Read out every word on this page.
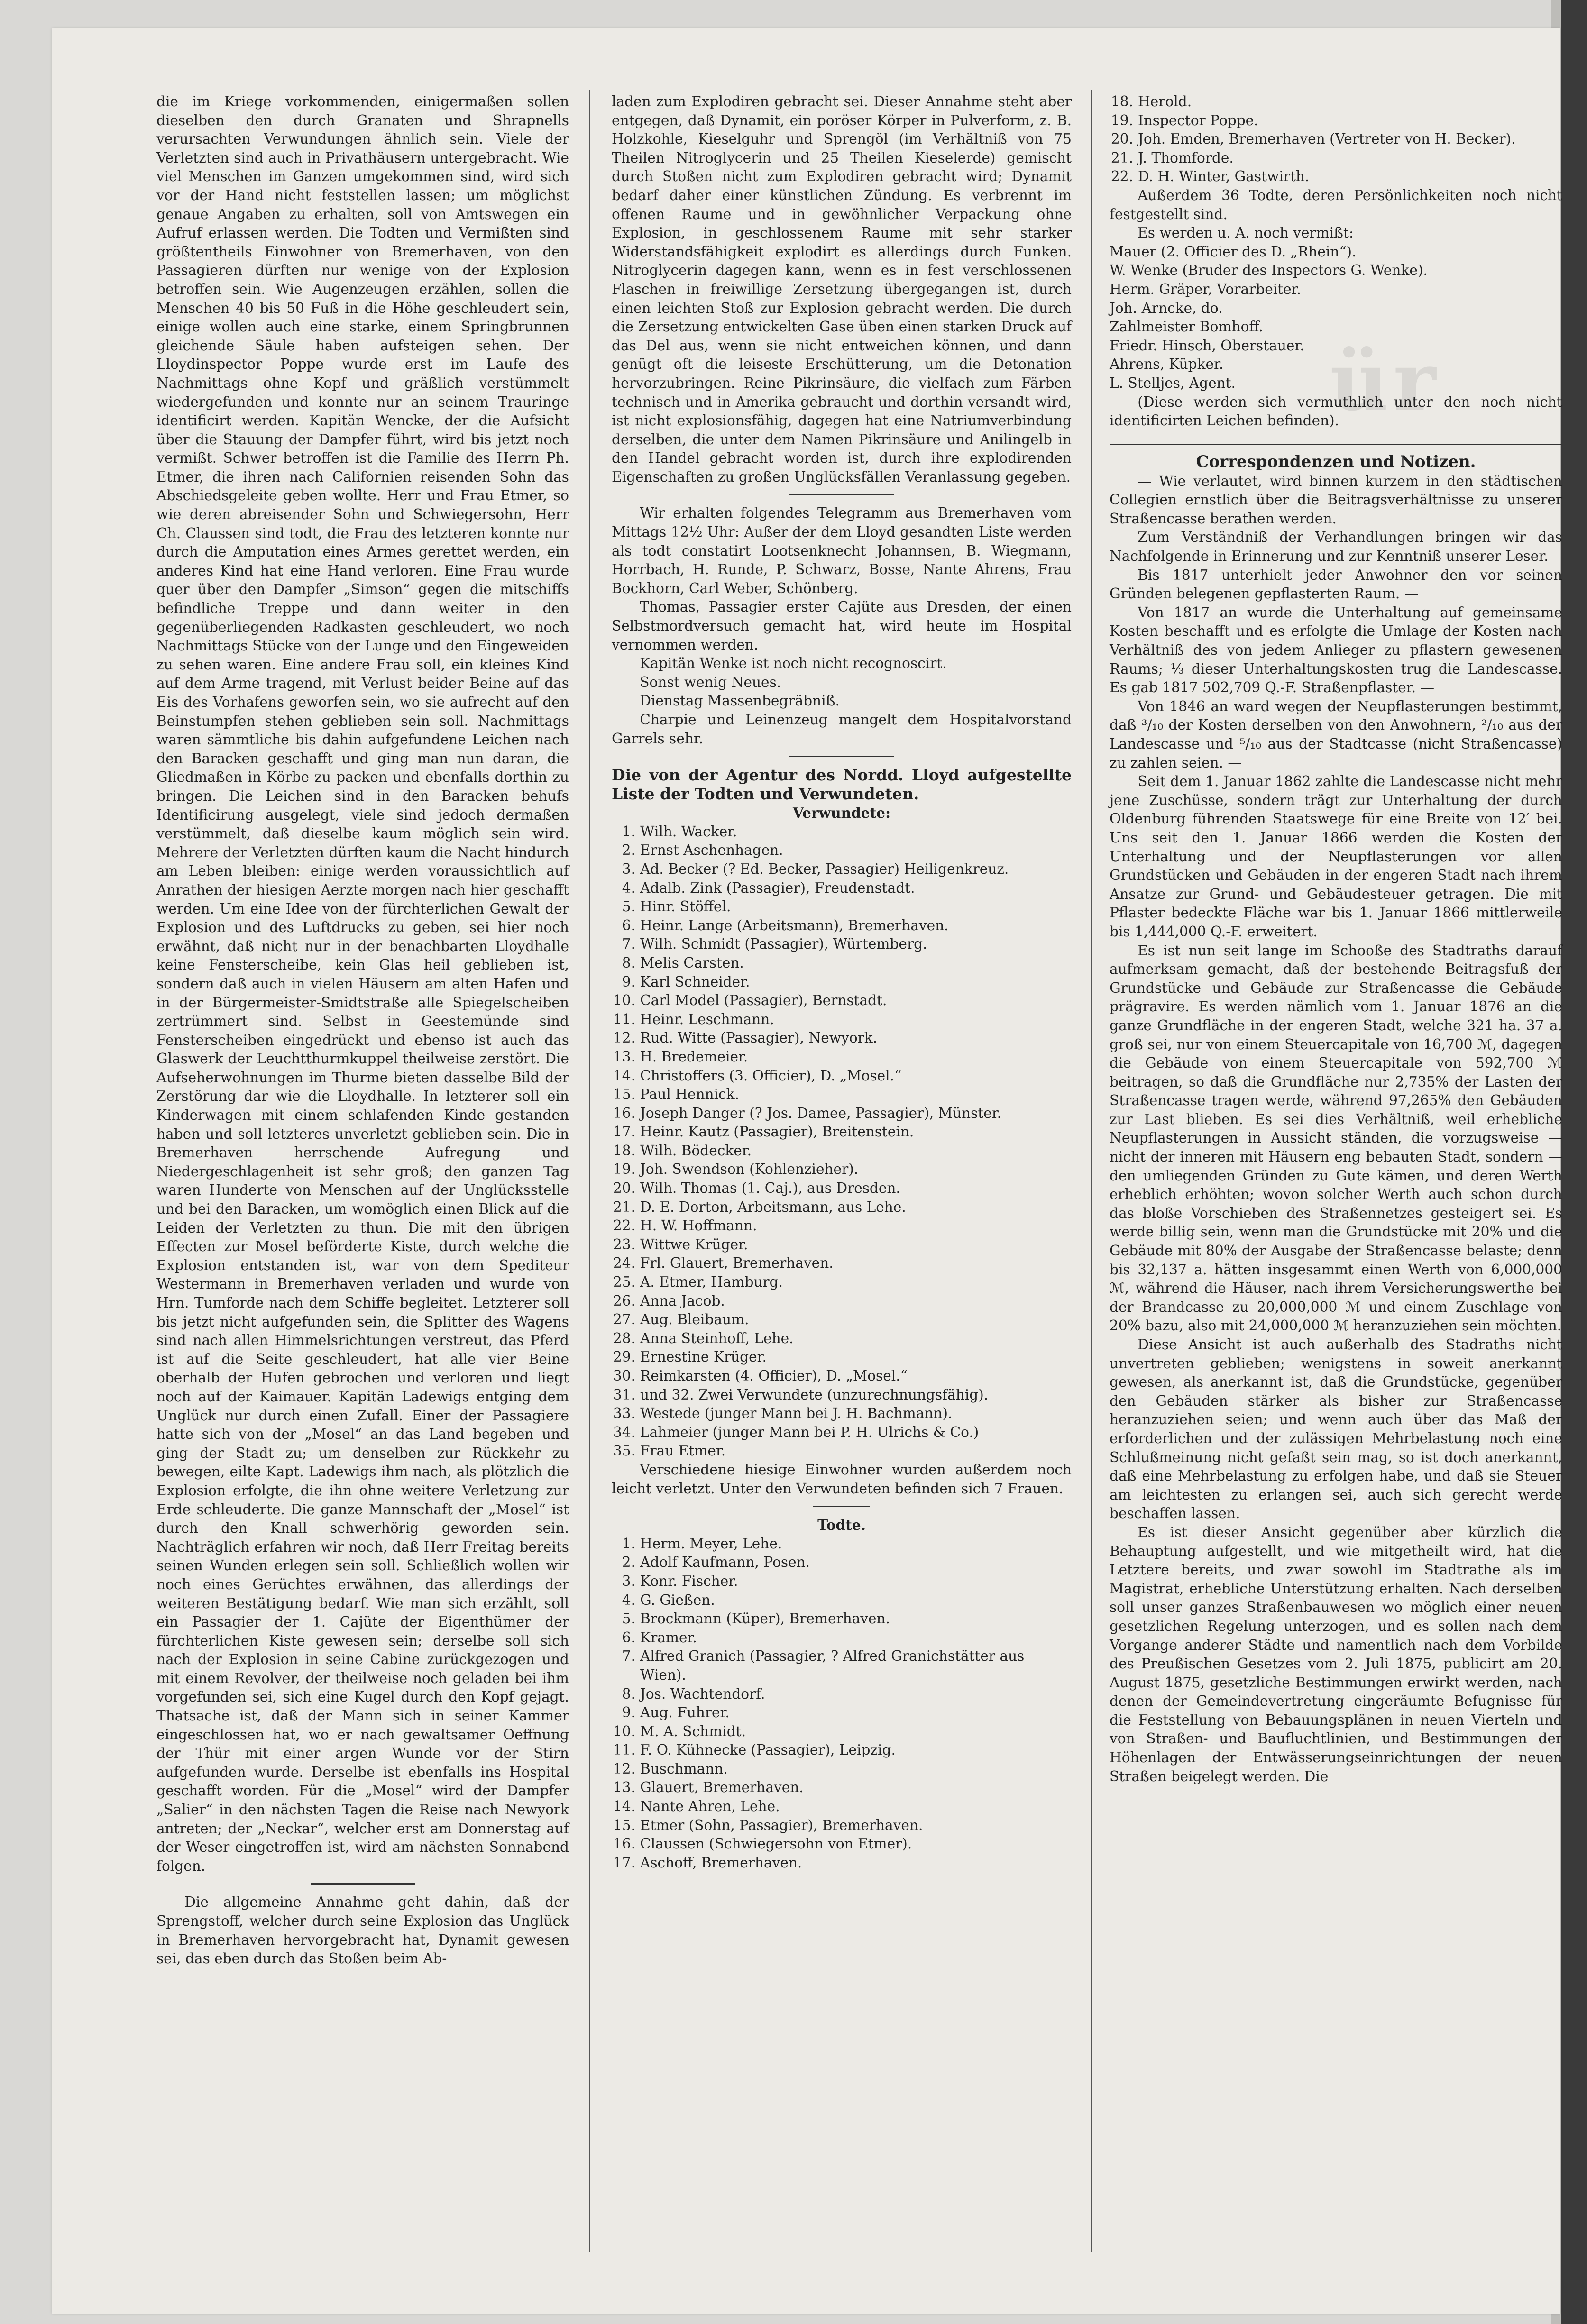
ür

die im Kriege vorkommenden, einigermaßen sollen dieselben den durch Granaten und Shrapnells verursachten Verwundungen ähnlich sein. Viele der Verletzten sind auch in Privathäusern untergebracht. Wie viel Menschen im Ganzen umgekommen sind, wird sich vor der Hand nicht feststellen lassen; um möglichst genaue Angaben zu erhalten, soll von Amtswegen ein Aufruf erlassen werden. Die Todten und Vermißten sind größtentheils Einwohner von Bremerhaven, von den Passagieren dürften nur wenige von der Explosion betroffen sein. Wie Augenzeugen erzählen, sollen die Menschen 40 bis 50 Fuß in die Höhe geschleudert sein, einige wollen auch eine starke, einem Springbrunnen gleichende Säule haben aufsteigen sehen. Der Lloydinspector Poppe wurde erst im Laufe des Nachmittags ohne Kopf und gräßlich verstümmelt wiedergefunden und konnte nur an seinem Trauringe identificirt werden. Kapitän Wencke, der die Aufsicht über die Stauung der Dampfer führt, wird bis jetzt noch vermißt. Schwer betroffen ist die Familie des Herrn Ph. Etmer, die ihren nach Californien reisenden Sohn das Abschiedsgeleite geben wollte. Herr und Frau Etmer, so wie deren abreisender Sohn und Schwiegersohn, Herr Ch. Claussen sind todt, die Frau des letzteren konnte nur durch die Amputation eines Armes gerettet werden, ein anderes Kind hat eine Hand verloren. Eine Frau wurde quer über den Dampfer „Simson“ gegen die mitschiffs befindliche Treppe und dann weiter in den gegenüberliegenden Radkasten geschleudert, wo noch Nachmittags Stücke von der Lunge und den Eingeweiden zu sehen waren. Eine andere Frau soll, ein kleines Kind auf dem Arme tragend, mit Verlust beider Beine auf das Eis des Vorhafens geworfen sein, wo sie aufrecht auf den Beinstumpfen stehen geblieben sein soll. Nachmittags waren sämmtliche bis dahin aufgefundene Leichen nach den Baracken geschafft und ging man nun daran, die Gliedmaßen in Körbe zu packen und ebenfalls dorthin zu bringen. Die Leichen sind in den Baracken behufs Identificirung ausgelegt, viele sind jedoch dermaßen verstümmelt, daß dieselbe kaum möglich sein wird. Mehrere der Verletzten dürften kaum die Nacht hindurch am Leben bleiben: einige werden voraussichtlich auf Anrathen der hiesigen Aerzte morgen nach hier geschafft werden. Um eine Idee von der fürchterlichen Gewalt der Explosion und des Luftdrucks zu geben, sei hier noch erwähnt, daß nicht nur in der benachbarten Lloydhalle keine Fensterscheibe, kein Glas heil geblieben ist, sondern daß auch in vielen Häusern am alten Hafen und in der Bürgermeister-Smidtstraße alle Spiegelscheiben zertrümmert sind. Selbst in Geestemünde sind Fensterscheiben eingedrückt und ebenso ist auch das Glaswerk der Leuchtthurmkuppel theilweise zerstört. Die Aufseherwohnungen im Thurme bieten dasselbe Bild der Zerstörung dar wie die Lloydhalle. In letzterer soll ein Kinderwagen mit einem schlafenden Kinde gestanden haben und soll letzteres unverletzt geblieben sein. Die in Bremerhaven herrschende Aufregung und Niedergeschlagenheit ist sehr groß; den ganzen Tag waren Hunderte von Menschen auf der Unglücksstelle und bei den Baracken, um womöglich einen Blick auf die Leiden der Verletzten zu thun. Die mit den übrigen Effecten zur Mosel beförderte Kiste, durch welche die Explosion entstanden ist, war von dem Spediteur Westermann in Bremerhaven verladen und wurde von Hrn. Tumforde nach dem Schiffe begleitet. Letzterer soll bis jetzt nicht aufgefunden sein, die Splitter des Wagens sind nach allen Himmelsrichtungen verstreut, das Pferd ist auf die Seite geschleudert, hat alle vier Beine oberhalb der Hufen gebrochen und verloren und liegt noch auf der Kaimauer. Kapitän Ladewigs entging dem Unglück nur durch einen Zufall. Einer der Passagiere hatte sich von der „Mosel“ an das Land begeben und ging der Stadt zu; um denselben zur Rückkehr zu bewegen, eilte Kapt. Ladewigs ihm nach, als plötzlich die Explosion erfolgte, die ihn ohne weitere Verletzung zur Erde schleuderte. Die ganze Mannschaft der „Mosel“ ist durch den Knall schwerhörig geworden sein. Nachträglich erfahren wir noch, daß Herr Freitag bereits seinen Wunden erlegen sein soll. Schließlich wollen wir noch eines Gerüchtes erwähnen, das allerdings der weiteren Bestätigung bedarf. Wie man sich erzählt, soll ein Passagier der 1. Cajüte der Eigenthümer der fürchterlichen Kiste gewesen sein; derselbe soll sich nach der Explosion in seine Cabine zurückgezogen und mit einem Revolver, der theilweise noch geladen bei ihm vorgefunden sei, sich eine Kugel durch den Kopf gejagt. Thatsache ist, daß der Mann sich in seiner Kammer eingeschlossen hat, wo er nach gewaltsamer Oeffnung der Thür mit einer argen Wunde vor der Stirn aufgefunden wurde. Derselbe ist ebenfalls ins Hospital geschafft worden. Für die „Mosel“ wird der Dampfer „Salier“ in den nächsten Tagen die Reise nach Newyork antreten; der „Neckar“, welcher erst am Donnerstag auf der Weser eingetroffen ist, wird am nächsten Sonnabend folgen.

Die allgemeine Annahme geht dahin, daß der Sprengstoff, welcher durch seine Explosion das Unglück in Bremerhaven hervorgebracht hat, Dynamit gewesen sei, das eben durch das Stoßen beim Ab-

laden zum Explodiren gebracht sei. Dieser Annahme steht aber entgegen, daß Dynamit, ein poröser Körper in Pulverform, z. B. Holzkohle, Kieselguhr und Sprengöl (im Verhältniß von 75 Theilen Nitroglycerin und 25 Theilen Kieselerde) gemischt durch Stoßen nicht zum Explodiren gebracht wird; Dynamit bedarf daher einer künstlichen Zündung. Es verbrennt im offenen Raume und in gewöhnlicher Verpackung ohne Explosion, in geschlossenem Raume mit sehr starker Widerstandsfähigkeit explodirt es allerdings durch Funken. Nitroglycerin dagegen kann, wenn es in fest verschlossenen Flaschen in freiwillige Zersetzung übergegangen ist, durch einen leichten Stoß zur Explosion gebracht werden. Die durch die Zersetzung entwickelten Gase üben einen starken Druck auf das Del aus, wenn sie nicht entweichen können, und dann genügt oft die leiseste Erschütterung, um die Detonation hervorzubringen. Reine Pikrinsäure, die vielfach zum Färben technisch und in Amerika gebraucht und dorthin versandt wird, ist nicht explosionsfähig, dagegen hat eine Natriumverbindung derselben, die unter dem Namen Pikrinsäure und Anilingelb in den Handel gebracht worden ist, durch ihre explodirenden Eigenschaften zu großen Unglücksfällen Veranlassung gegeben.

Wir erhalten folgendes Telegramm aus Bremerhaven vom Mittags 12½ Uhr: Außer der dem Lloyd gesandten Liste werden als todt constatirt Lootsenknecht Johannsen, B. Wiegmann, Horrbach, H. Runde, P. Schwarz, Bosse, Nante Ahrens, Frau Bockhorn, Carl Weber, Schönberg.

Thomas, Passagier erster Cajüte aus Dresden, der einen Selbstmordversuch gemacht hat, wird heute im Hospital vernommen werden.

Kapitän Wenke ist noch nicht recognoscirt.

Sonst wenig Neues.

Dienstag Massenbegräbniß.

Charpie und Leinenzeug mangelt dem Hospitalvorstand Garrels sehr.

Die von der Agentur des Nordd. Lloyd aufgestellte Liste der Todten und Verwundeten.

Verwundete:

1. Wilh. Wacker.
2. Ernst Aschenhagen.
3. Ad. Becker (? Ed. Becker, Passagier) Heiligenkreuz.
4. Adalb. Zink (Passagier), Freudenstadt.
5. Hinr. Stöffel.
6. Heinr. Lange (Arbeitsmann), Bremerhaven.
7. Wilh. Schmidt (Passagier), Würtemberg.
8. Melis Carsten.
9. Karl Schneider.
10. Carl Model (Passagier), Bernstadt.
11. Heinr. Leschmann.
12. Rud. Witte (Passagier), Newyork.
13. H. Bredemeier.
14. Christoffers (3. Officier), D. „Mosel.“
15. Paul Hennick.
16. Joseph Danger (? Jos. Damee, Passagier), Münster.
17. Heinr. Kautz (Passagier), Breitenstein.
18. Wilh. Bödecker.
19. Joh. Swendson (Kohlenzieher).
20. Wilh. Thomas (1. Caj.), aus Dresden.
21. D. E. Dorton, Arbeitsmann, aus Lehe.
22. H. W. Hoffmann.
23. Wittwe Krüger.
24. Frl. Glauert, Bremerhaven.
25. A. Etmer, Hamburg.
26. Anna Jacob.
27. Aug. Bleibaum.
28. Anna Steinhoff, Lehe.
29. Ernestine Krüger.
30. Reimkarsten (4. Officier), D. „Mosel.“
31. und 32. Zwei Verwundete (unzurechnungsfähig).
33. Westede (junger Mann bei J. H. Bachmann).
34. Lahmeier (junger Mann bei P. H. Ulrichs & Co.)
35. Frau Etmer.

Verschiedene hiesige Einwohner wurden außerdem noch leicht verletzt. Unter den Verwundeten befinden sich 7 Frauen.

Todte.

1. Herm. Meyer, Lehe.
2. Adolf Kaufmann, Posen.
3. Konr. Fischer.
4. G. Gießen.
5. Brockmann (Küper), Bremerhaven.
6. Kramer.
7. Alfred Granich (Passagier, ? Alfred Granichstätter aus Wien).
8. Jos. Wachtendorf.
9. Aug. Fuhrer.
10. M. A. Schmidt.
11. F. O. Kühnecke (Passagier), Leipzig.
12. Buschmann.
13. Glauert, Bremerhaven.
14. Nante Ahren, Lehe.
15. Etmer (Sohn, Passagier), Bremerhaven.
16. Claussen (Schwiegersohn von Etmer).
17. Aschoff, Bremerhaven.
18. Herold.
19. Inspector Poppe.
20. Joh. Emden, Bremerhaven (Vertreter von H. Becker).
21. J. Thomforde.
22. D. H. Winter, Gastwirth.

Außerdem 36 Todte, deren Persönlichkeiten noch nicht festgestellt sind.

Es werden u. A. noch vermißt:

Mauer (2. Officier des D. „Rhein“).

W. Wenke (Bruder des Inspectors G. Wenke).

Herm. Gräper, Vorarbeiter.

Joh. Arncke, do.

Zahlmeister Bomhoff.

Friedr. Hinsch, Oberstauer.

Ahrens, Küpker.

L. Stelljes, Agent.

(Diese werden sich vermuthlich unter den noch nicht identificirten Leichen befinden).

Correspondenzen und Notizen.

— Wie verlautet, wird binnen kurzem in den städtischen Collegien ernstlich über die Beitragsverhältnisse zu unserer Straßencasse berathen werden.

Zum Verständniß der Verhandlungen bringen wir das Nachfolgende in Erinnerung und zur Kenntniß unserer Leser.

Bis 1817 unterhielt jeder Anwohner den vor seinen Gründen belegenen gepflasterten Raum. —

Von 1817 an wurde die Unterhaltung auf gemeinsame Kosten beschafft und es erfolgte die Umlage der Kosten nach Verhältniß des von jedem Anlieger zu pflastern gewesenen Raums; ⅓ dieser Unterhaltungskosten trug die Landescasse. Es gab 1817 502,709 Q.-F. Straßenpflaster. —

Von 1846 an ward wegen der Neupflasterungen bestimmt, daß ³/₁₀ der Kosten derselben von den Anwohnern, ²/₁₀ aus der Landescasse und ⁵/₁₀ aus der Stadtcasse (nicht Straßencasse) zu zahlen seien. —

Seit dem 1. Januar 1862 zahlte die Landescasse nicht mehr jene Zuschüsse, sondern trägt zur Unterhaltung der durch Oldenburg führenden Staatswege für eine Breite von 12′ bei. Uns seit den 1. Januar 1866 werden die Kosten der Unterhaltung und der Neupflasterungen vor allen Grundstücken und Gebäuden in der engeren Stadt nach ihrem Ansatze zur Grund- und Gebäudesteuer getragen. Die mit Pflaster bedeckte Fläche war bis 1. Januar 1866 mittlerweile bis 1,444,000 Q.-F. erweitert.

Es ist nun seit lange im Schooße des Stadtraths darauf aufmerksam gemacht, daß der bestehende Beitragsfuß der Grundstücke und Gebäude zur Straßencasse die Gebäude prägravire. Es werden nämlich vom 1. Januar 1876 an die ganze Grundfläche in der engeren Stadt, welche 321 ha. 37 a. groß sei, nur von einem Steuercapitale von 16,700 ℳ, dagegen die Gebäude von einem Steuercapitale von 592,700 ℳ beitragen, so daß die Grundfläche nur 2,735% der Lasten der Straßencasse tragen werde, während 97,265% den Gebäuden zur Last blieben. Es sei dies Verhältniß, weil erhebliche Neupflasterungen in Aussicht ständen, die vorzugsweise — nicht der inneren mit Häusern eng bebauten Stadt, sondern — den umliegenden Gründen zu Gute kämen, und deren Werth erheblich erhöhten; wovon solcher Werth auch schon durch das bloße Vorschieben des Straßennetzes gesteigert sei. Es werde billig sein, wenn man die Grundstücke mit 20% und die Gebäude mit 80% der Ausgabe der Straßencasse belaste; denn bis 32,137 a. hätten insgesammt einen Werth von 6,000,000 ℳ, während die Häuser, nach ihrem Versicherungswerthe bei der Brandcasse zu 20,000,000 ℳ und einem Zuschlage von 20% bazu, also mit 24,000,000 ℳ heranzuziehen sein möchten.

Diese Ansicht ist auch außerhalb des Stadraths nicht unvertreten geblieben; wenigstens in soweit anerkannt gewesen, als anerkannt ist, daß die Grundstücke, gegenüber den Gebäuden stärker als bisher zur Straßencasse heranzuziehen seien; und wenn auch über das Maß der erforderlichen und der zulässigen Mehrbelastung noch eine Schlußmeinung nicht gefaßt sein mag, so ist doch anerkannt, daß eine Mehrbelastung zu erfolgen habe, und daß sie Steuer am leichtesten zu erlangen sei, auch sich gerecht werde beschaffen lassen.

Es ist dieser Ansicht gegenüber aber kürzlich die Behauptung aufgestellt, und wie mitgetheilt wird, hat die Letztere bereits, und zwar sowohl im Stadtrathe als im Magistrat, erhebliche Unterstützung erhalten. Nach derselben soll unser ganzes Straßenbauwesen wo möglich einer neuen gesetzlichen Regelung unterzogen, und es sollen nach dem Vorgange anderer Städte und namentlich nach dem Vorbilde des Preußischen Gesetzes vom 2. Juli 1875, publicirt am 20. August 1875, gesetzliche Bestimmungen erwirkt werden, nach denen der Gemeindevertretung eingeräumte Befugnisse für die Feststellung von Bebauungsplänen in neuen Vierteln und von Straßen- und Baufluchtlinien, und Bestimmungen der Höhenlagen der Entwässerungseinrichtungen der neuen Straßen beigelegt werden. Die
